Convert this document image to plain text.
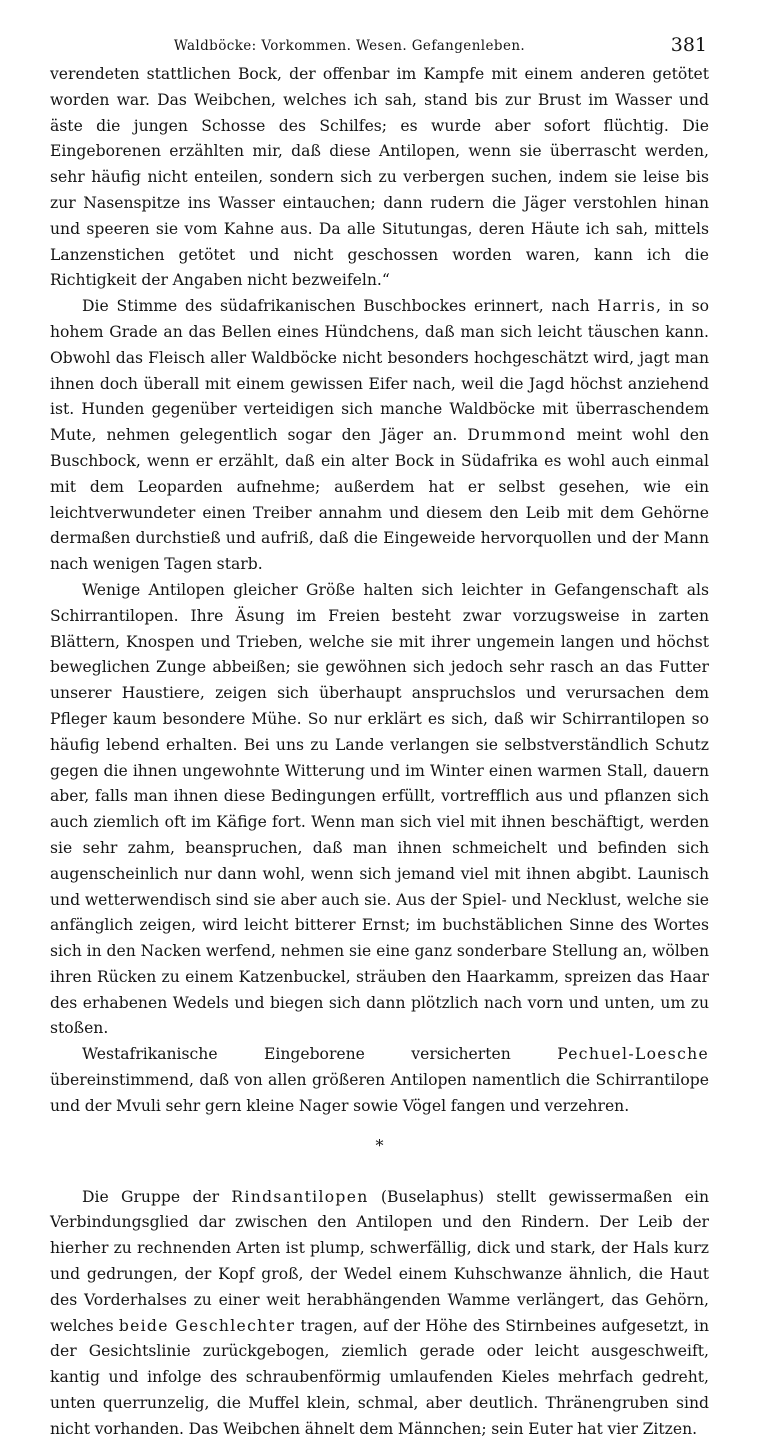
Waldböcke: Vorkommen. Wesen. Gefangenleben.	381

verendeten stattlichen Bock, der offenbar im Kampfe mit einem anderen getötet worden war. Das Weibchen, welches ich sah, stand bis zur Brust im Wasser und äste die jungen Schosse des Schilfes; es wurde aber sofort flüchtig. Die Eingeborenen erzählten mir, daß diese Antilopen, wenn sie überrascht werden, sehr häufig nicht enteilen, sondern sich zu verbergen suchen, indem sie leise bis zur Nasenspitze ins Wasser eintauchen; dann rudern die Jäger verstohlen hinan und speeren sie vom Kahne aus. Da alle Situtungas, deren Häute ich sah, mittels Lanzenstichen getötet und nicht geschossen worden waren, kann ich die Richtigkeit der Angaben nicht bezweifeln.“

Die Stimme des südafrikanischen Buschbockes erinnert, nach Harris, in so hohem Grade an das Bellen eines Hündchens, daß man sich leicht täuschen kann. Obwohl das Fleisch aller Waldböcke nicht besonders hochgeschätzt wird, jagt man ihnen doch überall mit einem gewissen Eifer nach, weil die Jagd höchst anziehend ist. Hunden gegenüber verteidigen sich manche Waldböcke mit überraschendem Mute, nehmen gelegentlich sogar den Jäger an. Drummond meint wohl den Buschbock, wenn er erzählt, daß ein alter Bock in Südafrika es wohl auch einmal mit dem Leoparden aufnehme; außerdem hat er selbst gesehen, wie ein leichtverwundeter einen Treiber annahm und diesem den Leib mit dem Gehörne dermaßen durchstieß und aufriß, daß die Eingeweide hervorquollen und der Mann nach wenigen Tagen starb.

Wenige Antilopen gleicher Größe halten sich leichter in Gefangenschaft als Schirrantilopen. Ihre Äsung im Freien besteht zwar vorzugsweise in zarten Blättern, Knospen und Trieben, welche sie mit ihrer ungemein langen und höchst beweglichen Zunge abbeißen; sie gewöhnen sich jedoch sehr rasch an das Futter unserer Haustiere, zeigen sich überhaupt anspruchslos und verursachen dem Pfleger kaum besondere Mühe. So nur erklärt es sich, daß wir Schirrantilopen so häufig lebend erhalten. Bei uns zu Lande verlangen sie selbstverständlich Schutz gegen die ihnen ungewohnte Witterung und im Winter einen warmen Stall, dauern aber, falls man ihnen diese Bedingungen erfüllt, vortrefflich aus und pflanzen sich auch ziemlich oft im Käfige fort. Wenn man sich viel mit ihnen beschäftigt, werden sie sehr zahm, beanspruchen, daß man ihnen schmeichelt und befinden sich augenscheinlich nur dann wohl, wenn sich jemand viel mit ihnen abgibt. Launisch und wetterwendisch sind sie aber auch sie. Aus der Spiel- und Necklust, welche sie anfänglich zeigen, wird leicht bitterer Ernst; im buchstäblichen Sinne des Wortes sich in den Nacken werfend, nehmen sie eine ganz sonderbare Stellung an, wölben ihren Rücken zu einem Katzenbuckel, sträuben den Haarkamm, spreizen das Haar des erhabenen Wedels und biegen sich dann plötzlich nach vorn und unten, um zu stoßen.

Westafrikanische Eingeborene versicherten Pechuel-Loesche übereinstimmend, daß von allen größeren Antilopen namentlich die Schirrantilope und der Mvuli sehr gern kleine Nager sowie Vögel fangen und verzehren.

*

Die Gruppe der Rindsantilopen (Buselaphus) stellt gewissermaßen ein Verbindungsglied dar zwischen den Antilopen und den Rindern. Der Leib der hierher zu rechnenden Arten ist plump, schwerfällig, dick und stark, der Hals kurz und gedrungen, der Kopf groß, der Wedel einem Kuhschwanze ähnlich, die Haut des Vorderhalses zu einer weit herabhängenden Wamme verlängert, das Gehörn, welches beide Geschlechter tragen, auf der Höhe des Stirnbeines aufgesetzt, in der Gesichtslinie zurückgebogen, ziemlich gerade oder leicht ausgeschweift, kantig und infolge des schraubenförmig umlaufenden Kieles mehrfach gedreht, unten querrunzelig, die Muffel klein, schmal, aber deutlich. Thränengruben sind nicht vorhanden. Das Weibchen ähnelt dem Männchen; sein Euter hat vier Zitzen.
